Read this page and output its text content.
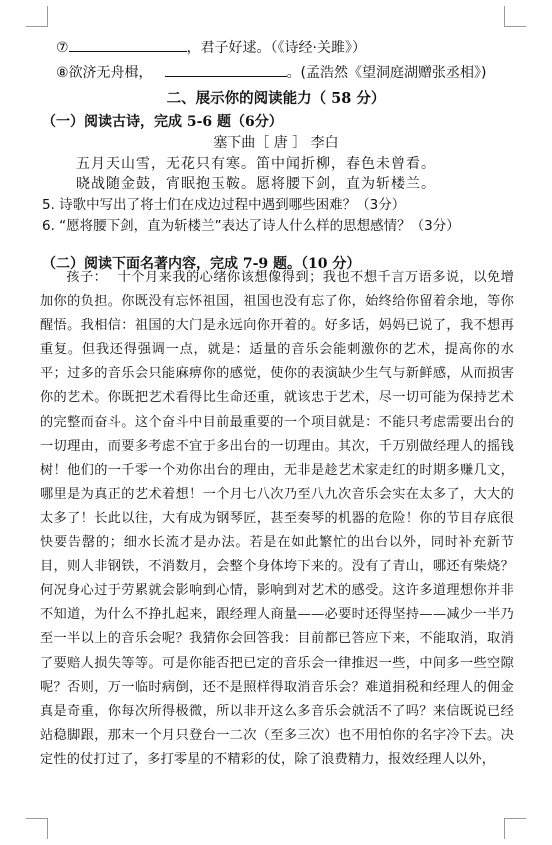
⑦	，君子好逑。（《诗经·关雎》）
⑧欲济无舟楫，	。(孟浩然《望洞庭湖赠张丞相》)
二、展示你的阅读能力（ 58 分）
（一）阅读古诗，完成 5-6 题（6分）
塞下曲［ 唐 ］ 李白
五月天山雪，无花只有寒。笛中闻折柳，春色未曾看。
晓战随金鼓，宵眠抱玉鞍。愿将腰下剑，直为斩楼兰。
5. 诗歌中写出了将士们在戍边过程中遇到哪些困难？（3分）
6. “愿将腰下剑，直为斩楼兰”表达了诗人什么样的思想感情？（3分）
（二）阅读下面名著内容，完成 7-9 题。（10 分）
孩子： 十个月来我的心绪你该想像得到；我也不想千言万语多说，以免增加你的负担。你既没有忘怀祖国，祖国也没有忘了你，始终给你留着余地，等你醒悟。我相信：祖国的大门是永远向你开着的。好多话，妈妈已说了，我不想再重复。但我还得强调一点，就是：适量的音乐会能刺激你的艺术，提高你的水平；过多的音乐会只能麻痹你的感觉，使你的表演缺少生气与新鲜感，从而损害你的艺术。你既把艺术看得比生命还重，就该忠于艺术，尽一切可能为保持艺术的完整而奋斗。这个奋斗中目前最重要的一个项目就是：不能只考虑需要出台的一切理由，而要多考虑不宜于多出台的一切理由。其次，千万别做经理人的摇钱树！他们的一千零一个劝你出台的理由，无非是趁艺术家走红的时期多赚几文，哪里是为真正的艺术着想！一个月七八次乃至八九次音乐会实在太多了，大大的太多了！长此以往，大有成为钢琴匠，甚至奏琴的机器的危险！你的节目存底很快要告罄的；细水长流才是办法。若是在如此繁忙的出台以外，同时补充新节目，则人非钢铁，不消数月，会整个身体垮下来的。没有了青山，哪还有柴烧？何况身心过于劳累就会影响到心情，影响到对艺术的感受。这许多道理想你并非不知道，为什么不挣扎起来，跟经理人商量——必要时还得坚持——减少一半乃至一半以上的音乐会呢？我猜你会回答我：目前都已答应下来，不能取消，取消了要赔人损失等等。可是你能否把已定的音乐会一律推迟一些，中间多一些空隙呢？否则，万一临时病倒，还不是照样得取消音乐会？难道捐税和经理人的佣金真是奇重，你每次所得极微，所以非开这么多音乐会就活不了吗？来信既说已经站稳脚跟，那末一个月只登台一二次（至多三次）也不用怕你的名字冷下去。决定性的仗打过了，多打零星的不精彩的仗，除了浪费精力，报效经理人以外，
